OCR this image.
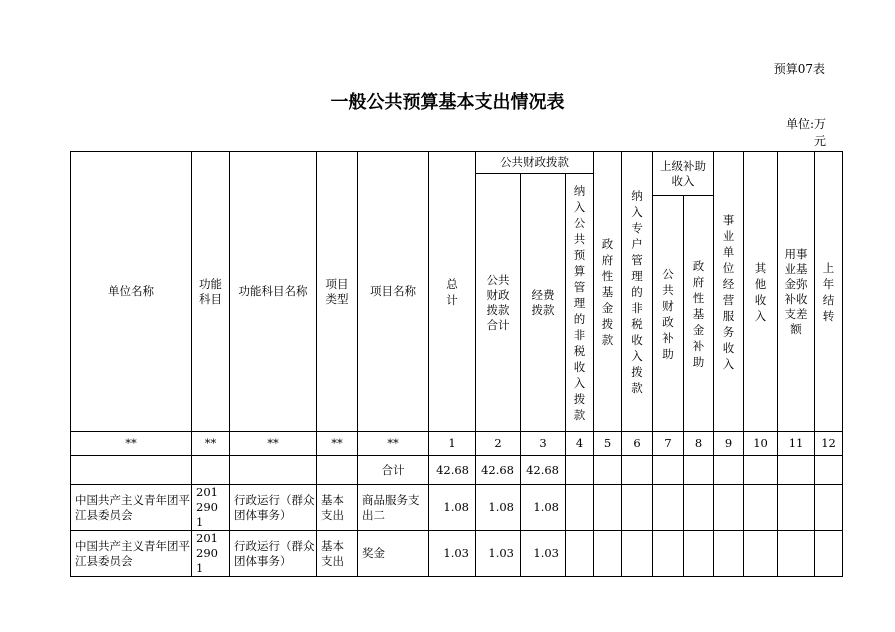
预算07表
一般公共预算基本支出情况表
单位:万元
单位名称	功能科目	功能科目名称	项目类型	项目名称	总计	公共财政拨款			政府性基金拨款	纳入专户管理的非税收入拨款	上级补助收入		事业单位经营服务收入	其他收入	用事业基金弥补收支差额	上年结转

						公共财政拨款合计	经费拨款	纳入公共预算管理的非税收入拨款								

											公共财政补助	政府性基金补助				

**	**	**	**	**	1	2	3	4	5	6	7	8	9	10	11	12
				合计	42.68	42.68	42.68									
中国共产主义青年团平江县委员会	2012901	行政运行（群众团体事务）	基本支出	商品服务支出二	1.08	1.08	1.08									
中国共产主义青年团平江县委员会	2012901	行政运行（群众团体事务）	基本支出	奖金	1.03	1.03	1.03									
